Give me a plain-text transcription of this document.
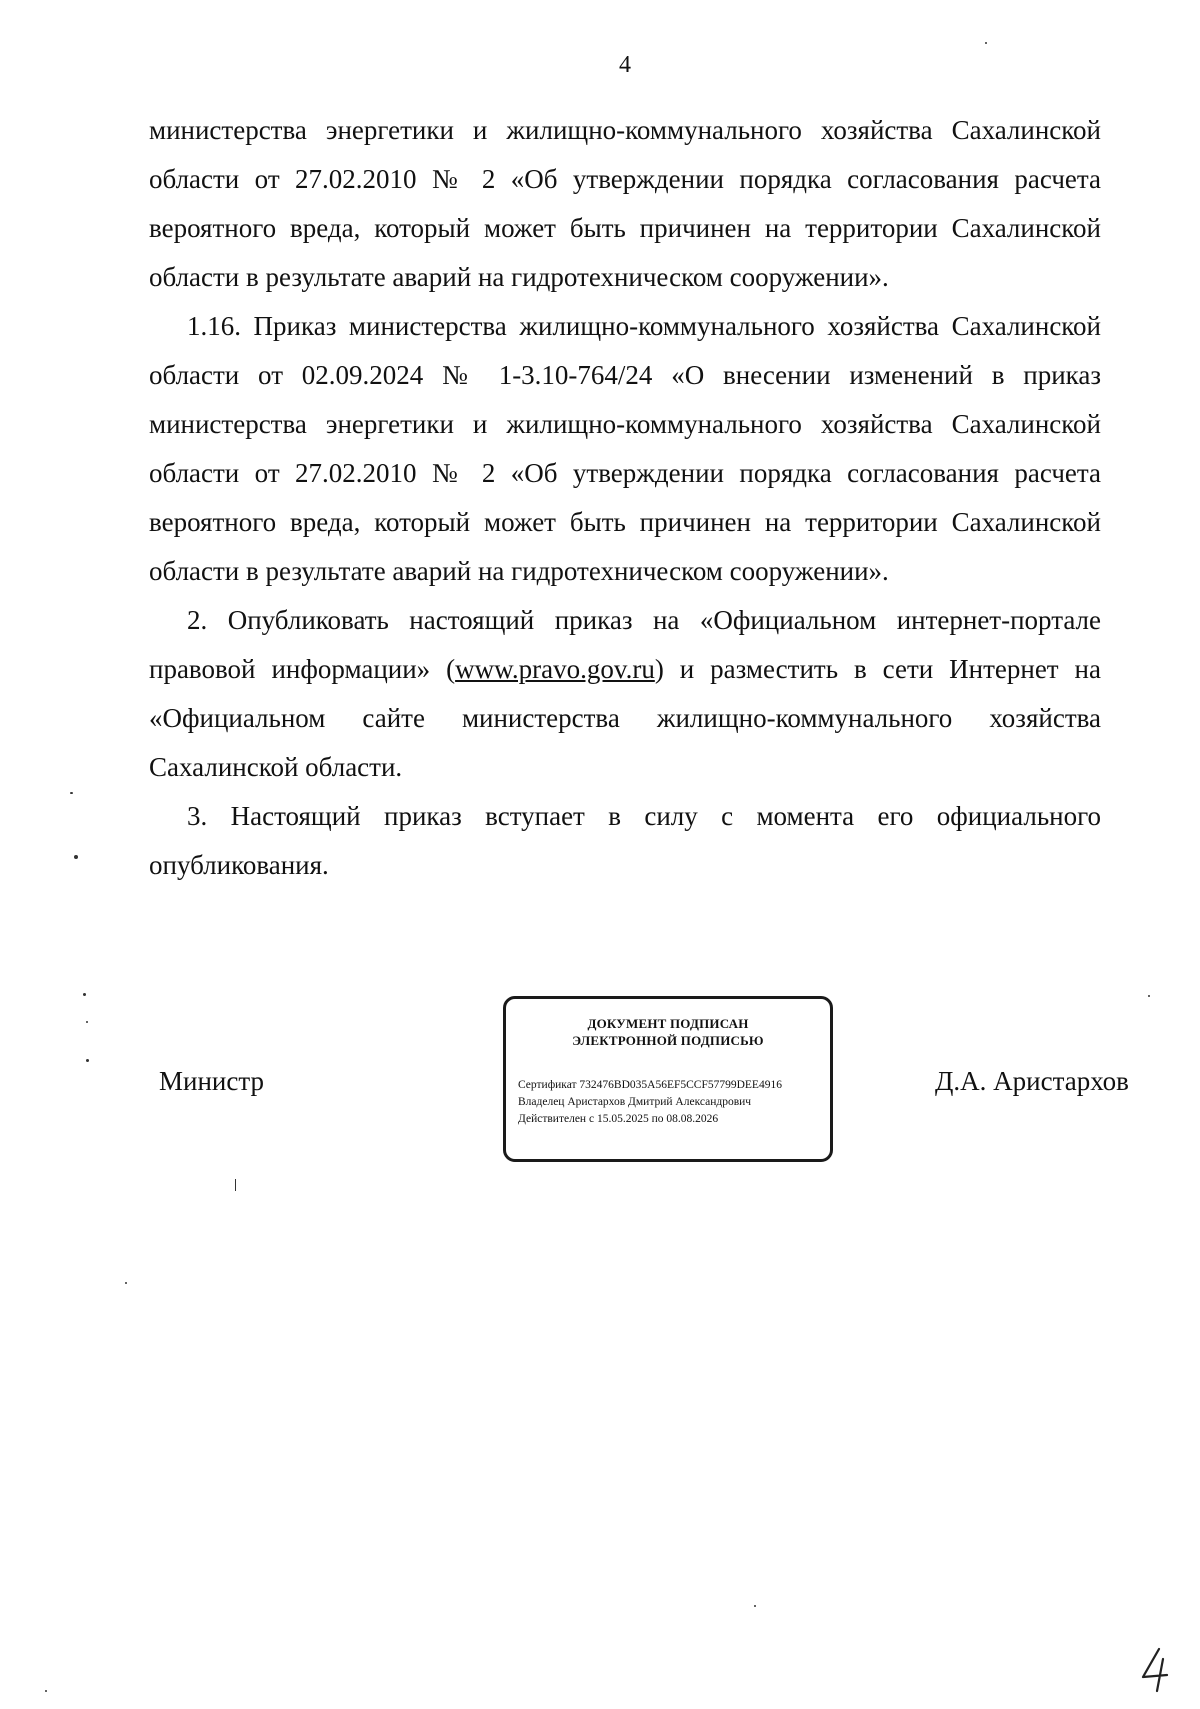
4

министерства энергетики и жилищно-коммунального хозяйства Сахалинской области от 27.02.2010 № 2 «Об утверждении порядка согласования расчета вероятного вреда, который может быть причинен на территории Сахалинской области в результате аварий на гидротехническом сооружении».

1.16. Приказ министерства жилищно-коммунального хозяйства Сахалинской области от 02.09.2024 № 1-3.10-764/24 «О внесении изменений в приказ министерства энергетики и жилищно-коммунального хозяйства Сахалинской области от 27.02.2010 № 2 «Об утверждении порядка согласования расчета вероятного вреда, который может быть причинен на территории Сахалинской области в результате аварий на гидротехническом сооружении».

2. Опубликовать настоящий приказ на «Официальном интернет-портале правовой информации» (www.pravo.gov.ru) и разместить в сети Интернет на «Официальном сайте министерства жилищно-коммунального хозяйства Сахалинской области.

3. Настоящий приказ вступает в силу с момента его официального опубликования.

Министр
ДОКУМЕНТ ПОДПИСАН
ЭЛЕКТРОННОЙ ПОДПИСЬЮ
Сертификат 732476BD035A56EF5CCF57799DEE4916
Владелец Аристархов Дмитрий Александрович
Действителен с 15.05.2025 по 08.08.2026
Д.А. Аристархов
